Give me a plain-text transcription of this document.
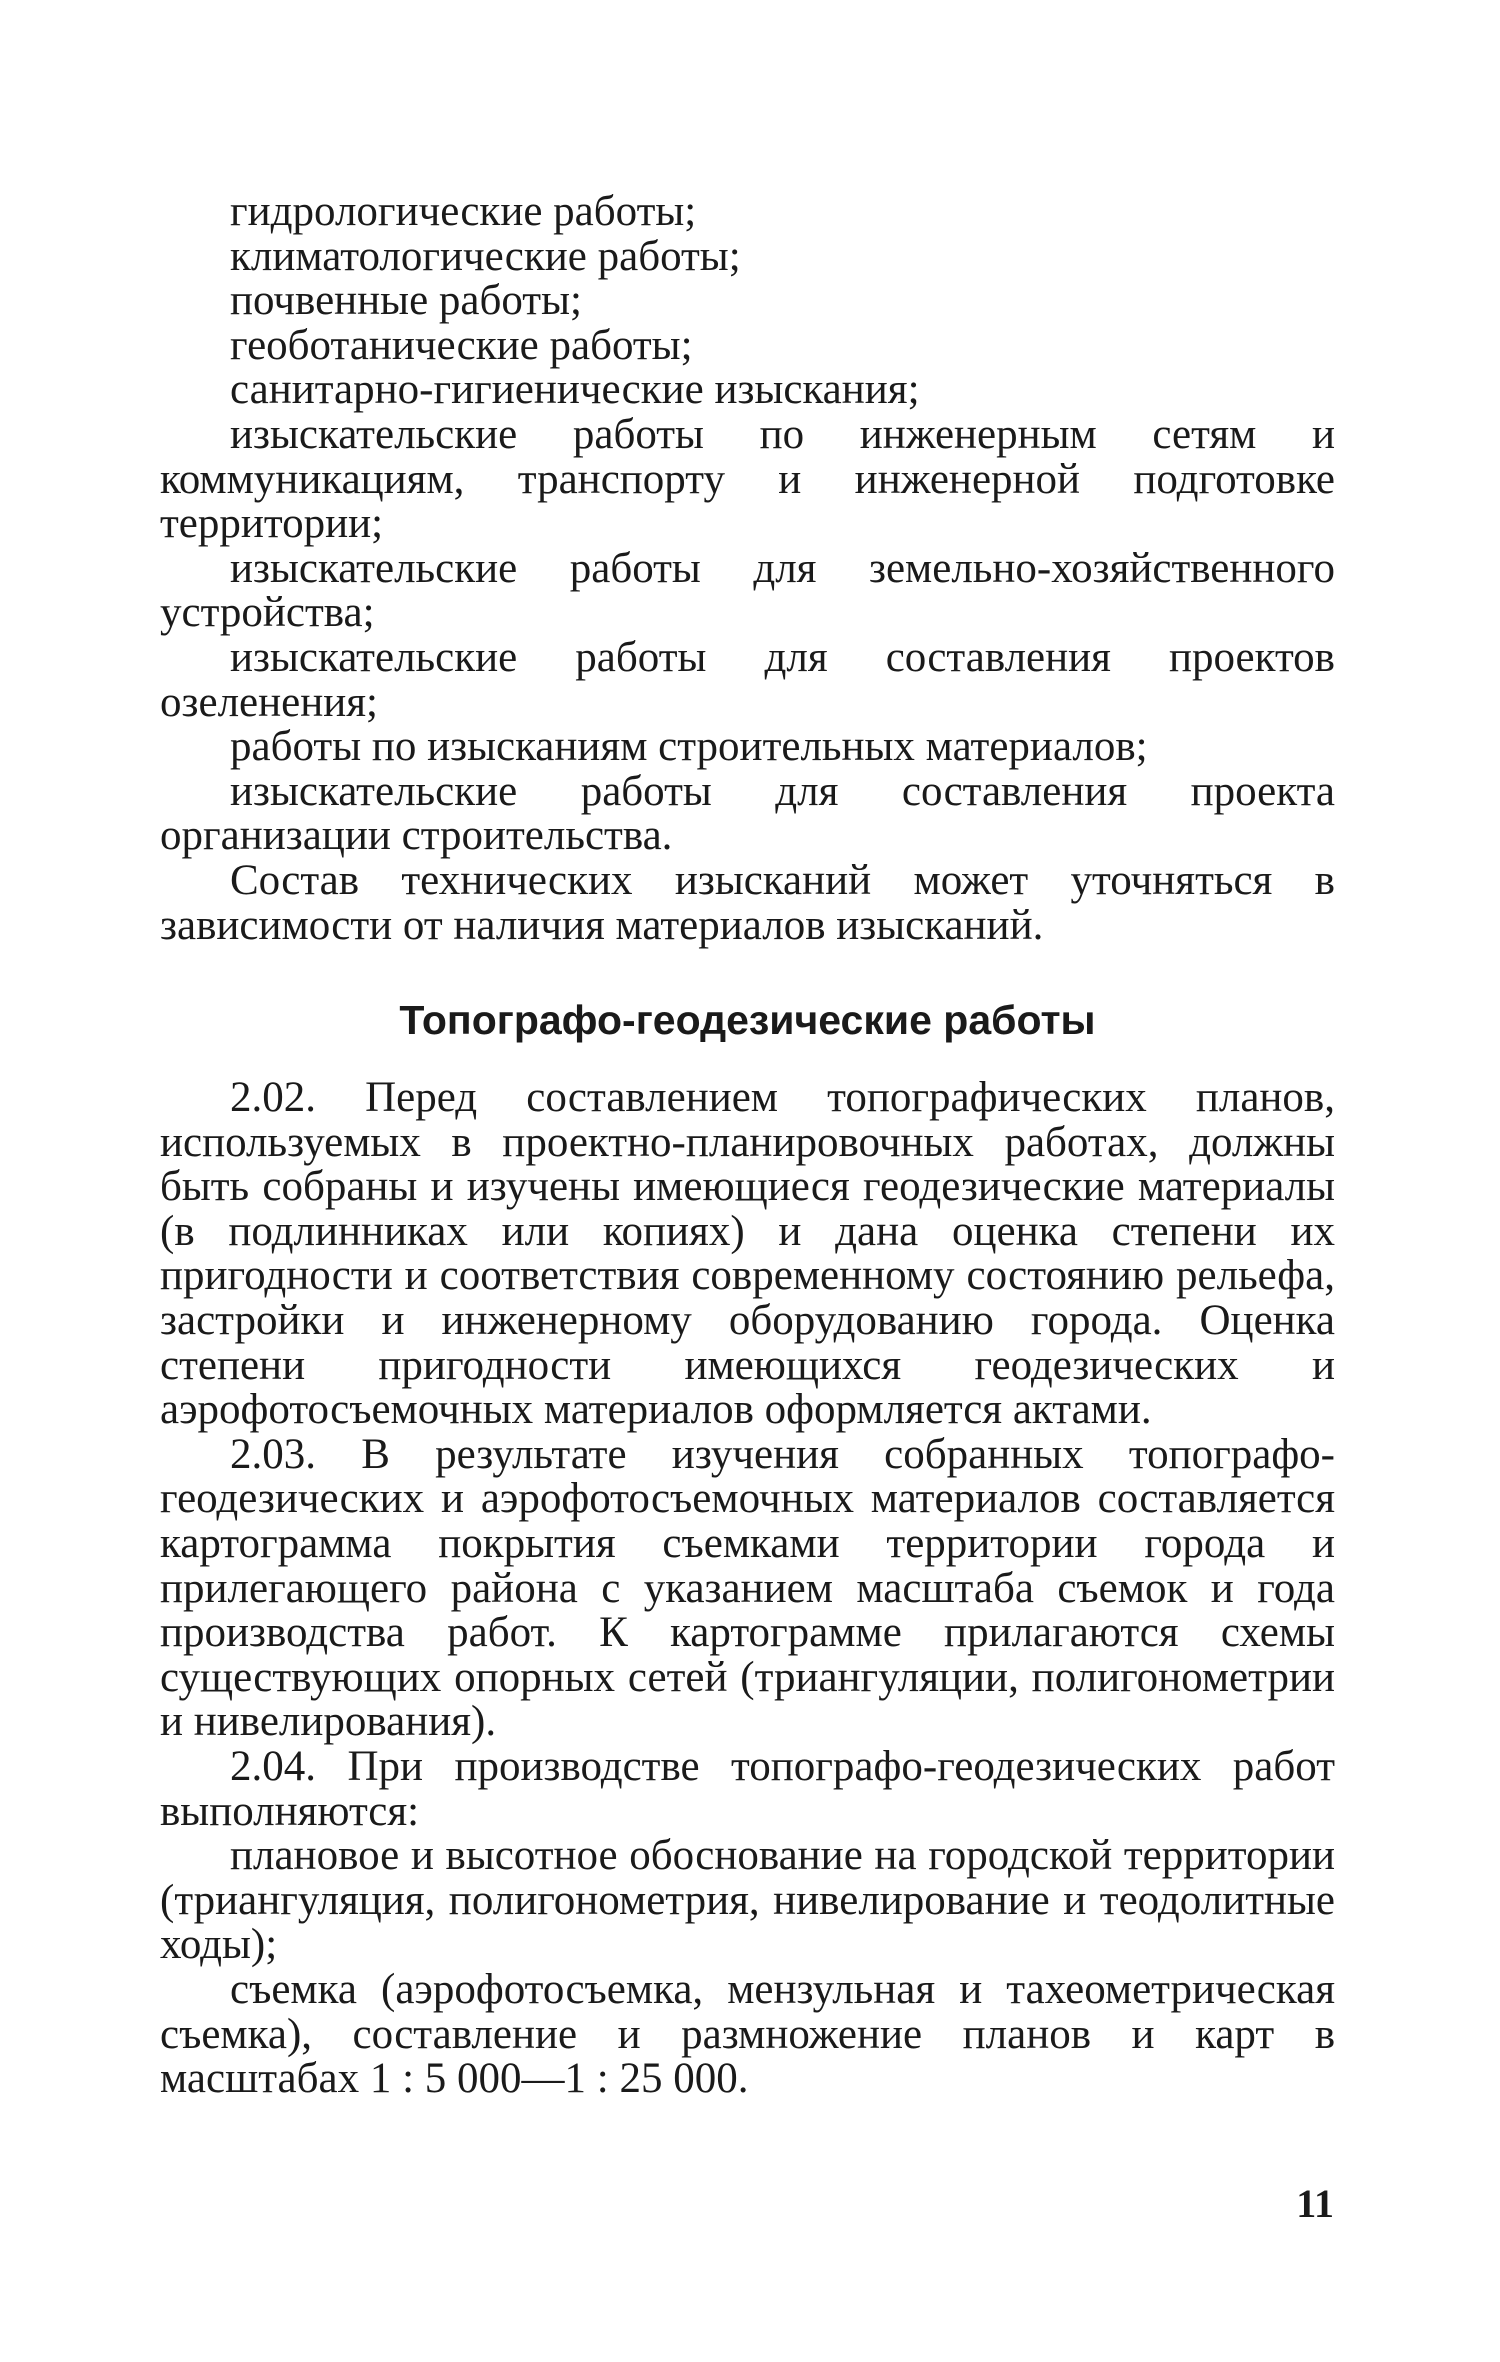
гидрологические работы;

климатологические работы;

почвенные работы;

геоботанические работы;

санитарно-гигиенические изыскания;

изыскательские работы по инженерным сетям и коммуникациям, транспорту и инженерной подготовке территории;

изыскательские работы для земельно-хозяйственного устройства;

изыскательские работы для составления проектов озеленения;

работы по изысканиям строительных материалов;

изыскательские работы для составления проекта организации строительства.

Состав технических изысканий может уточняться в зависимости от наличия материалов изысканий.

Топографо-геодезические работы

2.02. Перед составлением топографических планов, используемых в проектно-планировочных работах, должны быть собраны и изучены имеющиеся геодезические материалы (в подлинниках или копиях) и дана оценка степени их пригодности и соответствия современному состоянию рельефа, застройки и инженерному оборудованию города. Оценка степени пригодности имеющихся геодезических и аэрофотосъемочных материалов оформляется актами.

2.03. В результате изучения собранных топографо-геодезических и аэрофотосъемочных материалов составляется картограмма покрытия съемками территории города и прилегающего района с указанием масштаба съемок и года производства работ. К картограмме прилагаются схемы существующих опорных сетей (триангуляции, полигонометрии и нивелирования).

2.04. При производстве топографо-геодезических работ выполняются:

плановое и высотное обоснование на городской территории (триангуляция, полигонометрия, нивелирование и теодолитные ходы);

съемка (аэрофотосъемка, мензульная и тахеометрическая съемка), составление и размножение планов и карт в масштабах 1 : 5 000—1 : 25 000.

11
